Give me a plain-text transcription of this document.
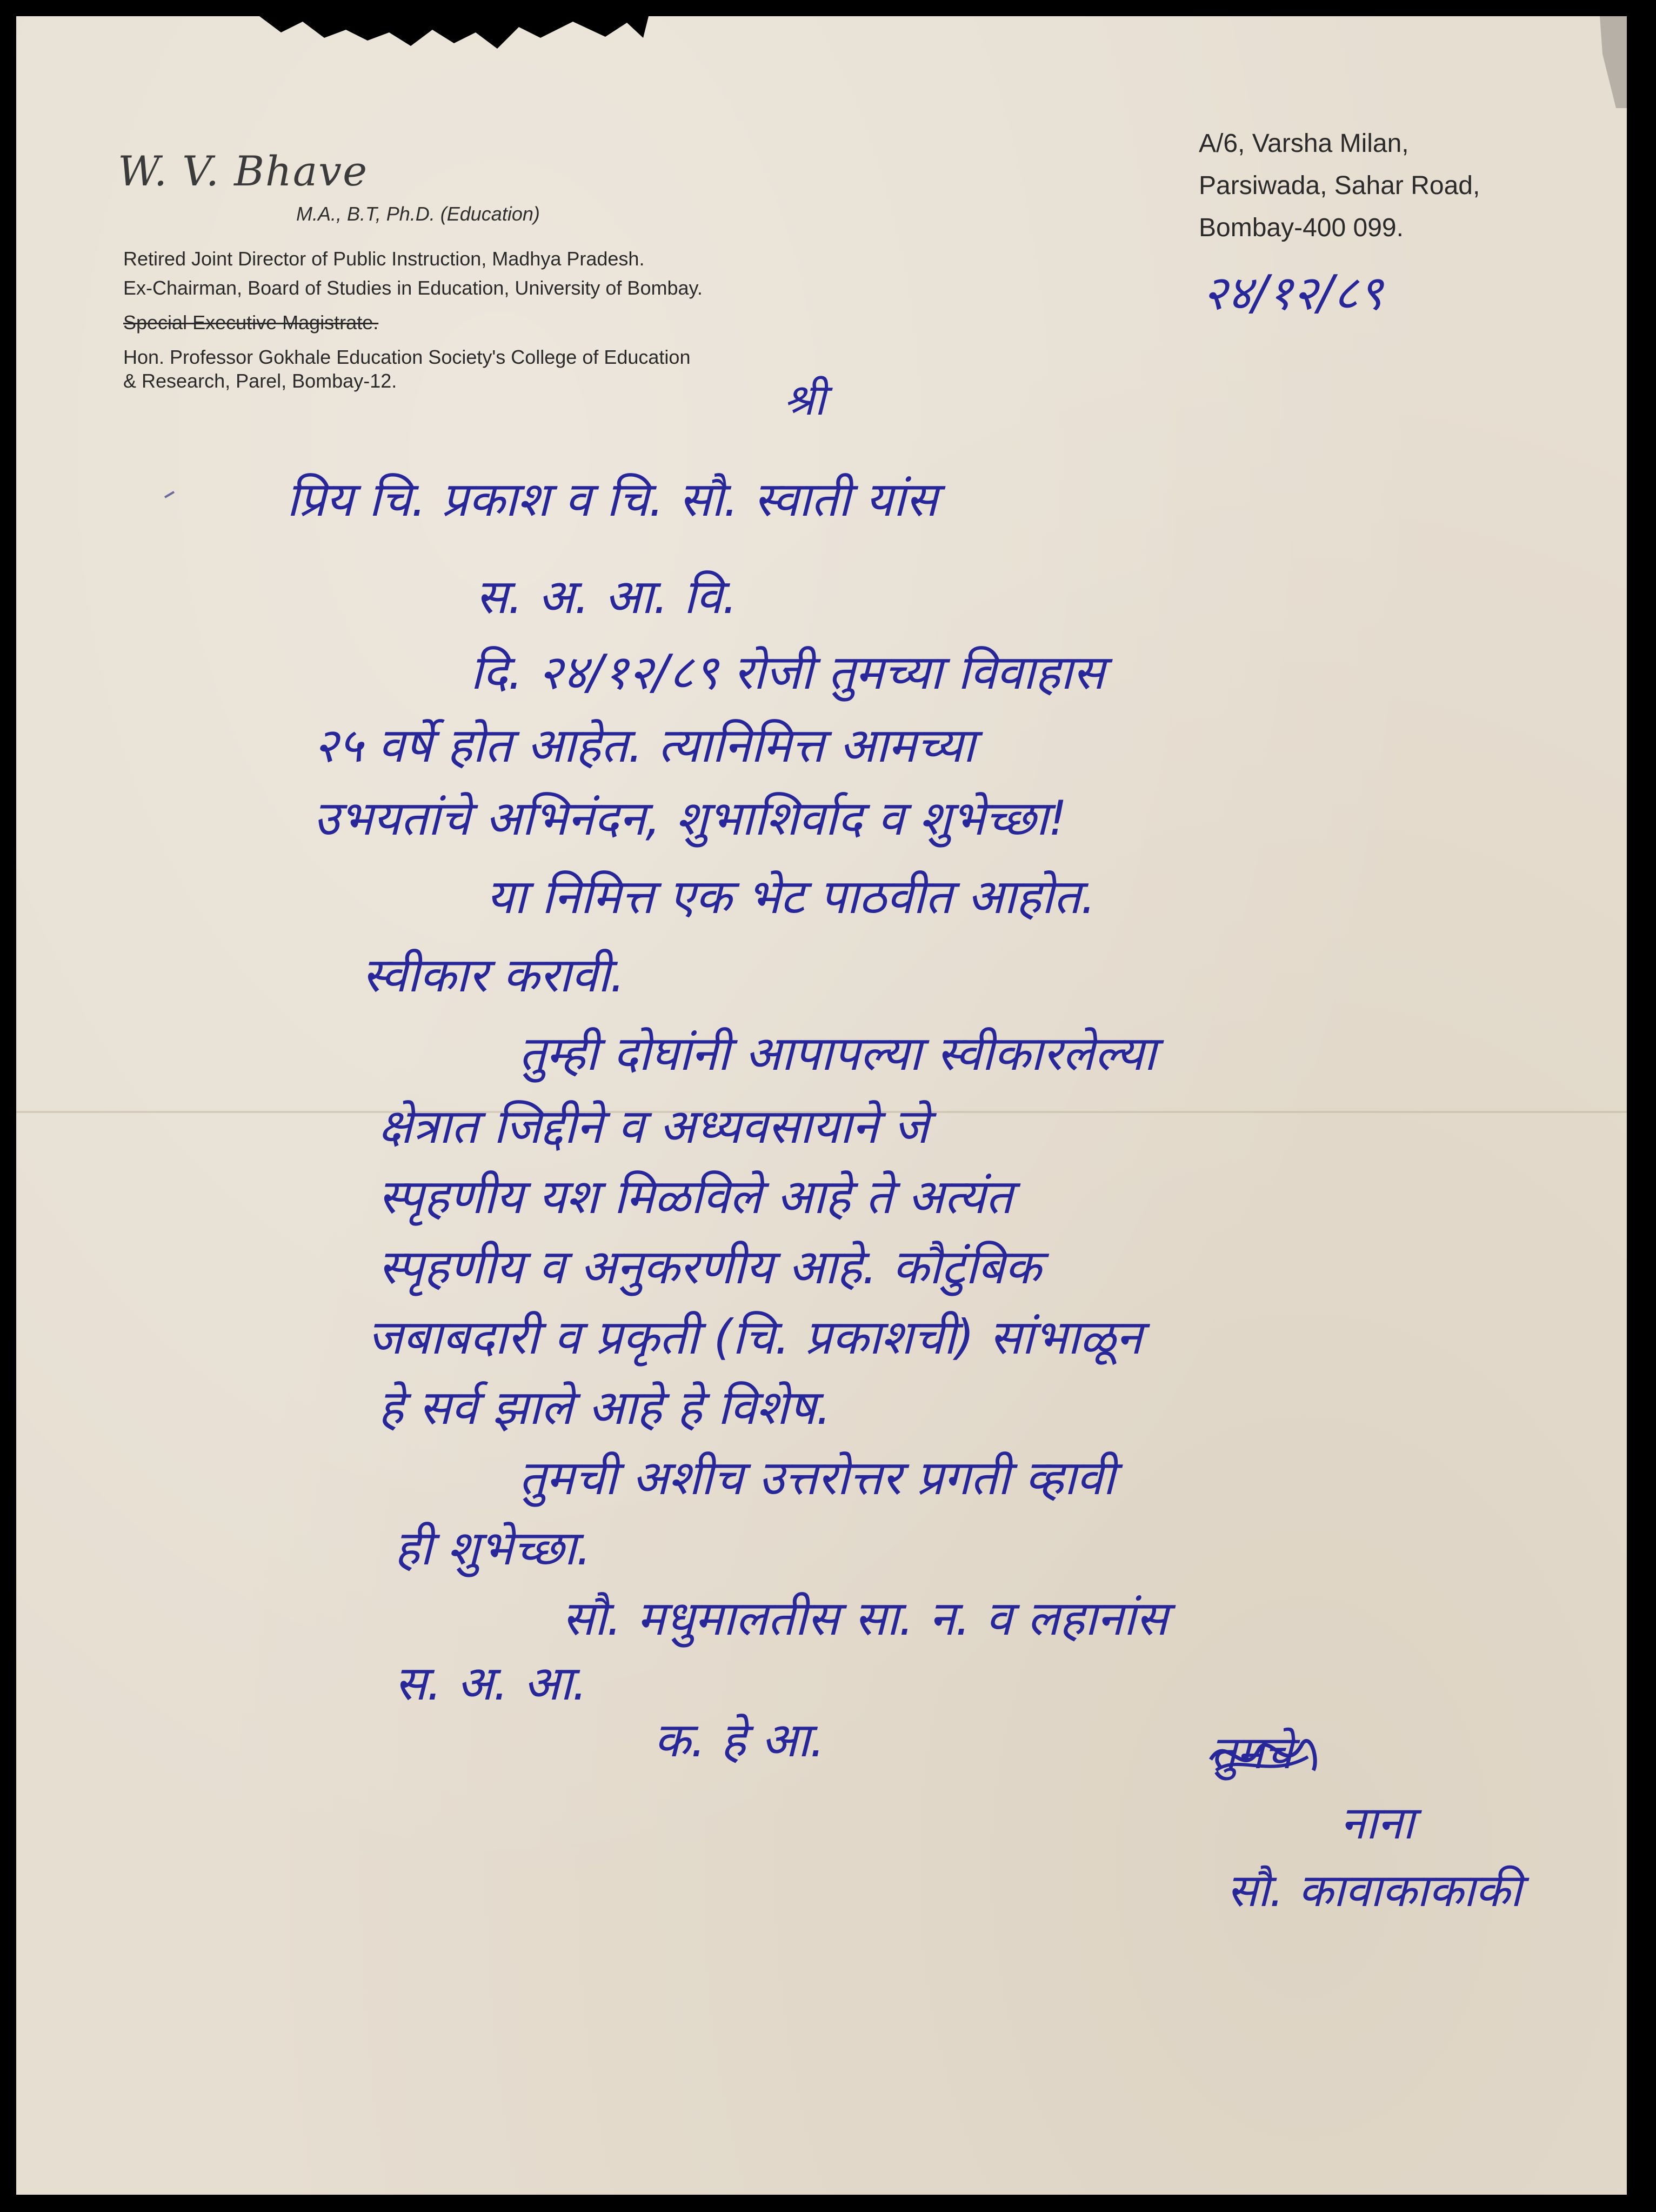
W. V. Bhave
M.A., B.T, Ph.D. (Education)
Retired Joint Director of Public Instruction, Madhya Pradesh.
Ex-Chairman, Board of Studies in Education, University of Bombay.
Special Executive Magistrate.
Hon. Professor Gokhale Education Society's College of Education
& Research, Parel, Bombay-12.
A/6, Varsha Milan,
Parsiwada, Sahar Road,
Bombay-400 099.
२४/१२/८९
श्री
प्रिय चि. प्रकाश व चि. सौ. स्वाती यांस
स. अ. आ. वि.
दि. २४/१२/८९ रोजी तुमच्या विवाहास
२५ वर्षे होत आहेत. त्यानिमित्त आमच्या
उभयतांचे अभिनंदन, शुभाशिर्वाद व शुभेच्छा!
या निमित्त एक भेट पाठवीत आहोत.
स्वीकार करावी.
तुम्ही दोघांनी आपापल्या स्वीकारलेल्या
क्षेत्रात जिद्दीने व अध्यवसायाने जे
स्पृहणीय यश मिळविले आहे ते अत्यंत
स्पृहणीय व अनुकरणीय आहे. कौटुंबिक
जबाबदारी व प्रकृती (चि. प्रकाशची) सांभाळून
हे सर्व झाले आहे हे विशेष.
तुमची अशीच उत्तरोत्तर प्रगती व्हावी
ही शुभेच्छा.
सौ. मधुमालतीस सा. न. व लहानांस
स. अ. आ.
क. हे आ.	तुमचे
नाना
सौ. कावाकाकाकी
